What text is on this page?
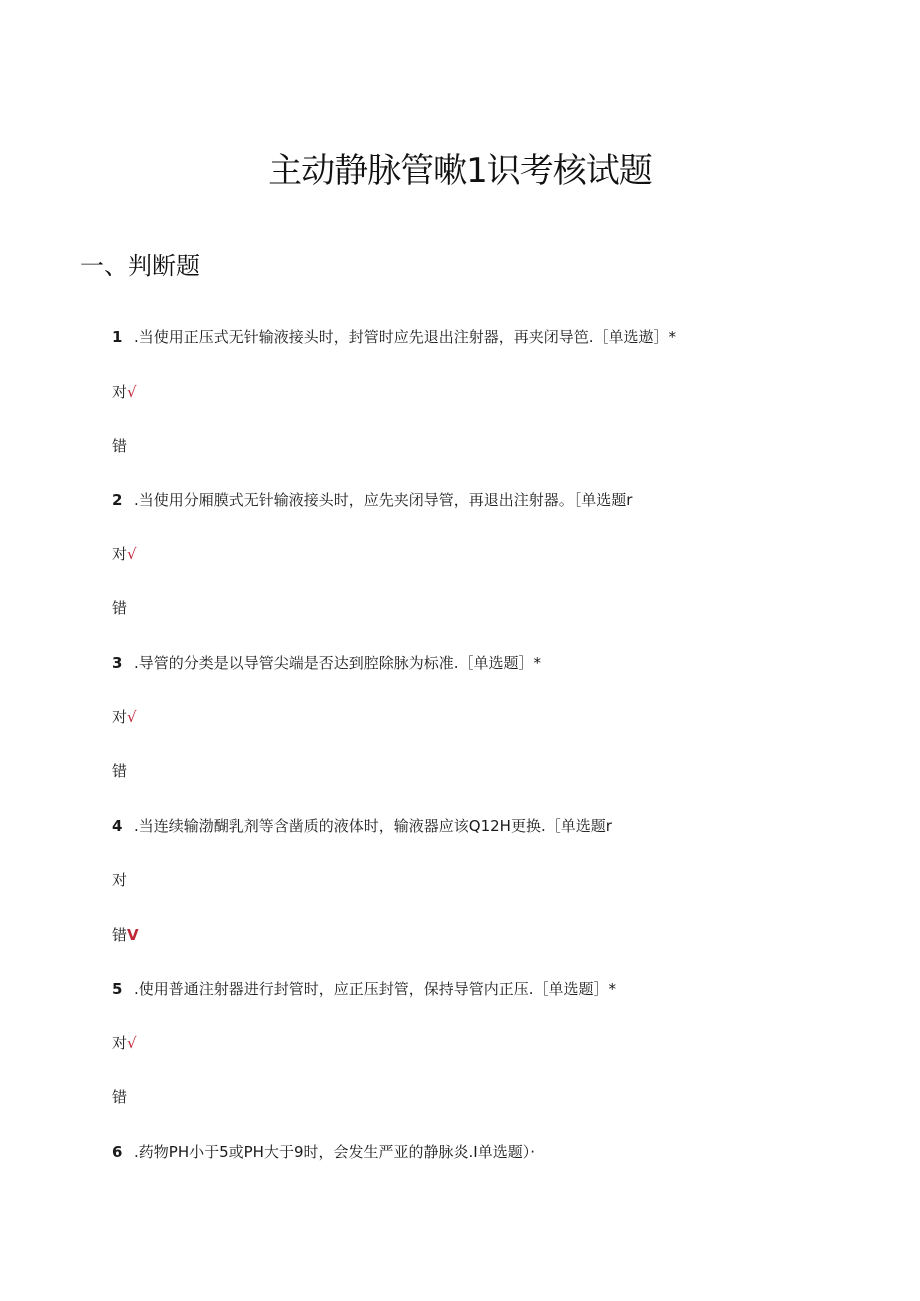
主动静脉管嗽1识考核试题
一、判断题
1 .当使用正压式无针输液接头时，封管时应先退出注射器，再夹闭导笆.［单选遨］*
对√
错
2 .当使用分厢膜式无针输液接头时，应先夹闭导管，再退出注射器。［单选题r
对√
错
3 .导管的分类是以导管尖端是否达到腔除脉为标准.［单选题］*
对√
错
4 .当连续输渤醐乳剂等含凿质的液体时，输液器应该Q12H更换.［单选题r
对
错V
5 .使用普通注射器进行封管时，应正压封管，保持导管内正压.［单选题］*
对√
错
6 .药物PH小于5或PH大于9时，会发生严亚的静脉炎.I单选题）·
